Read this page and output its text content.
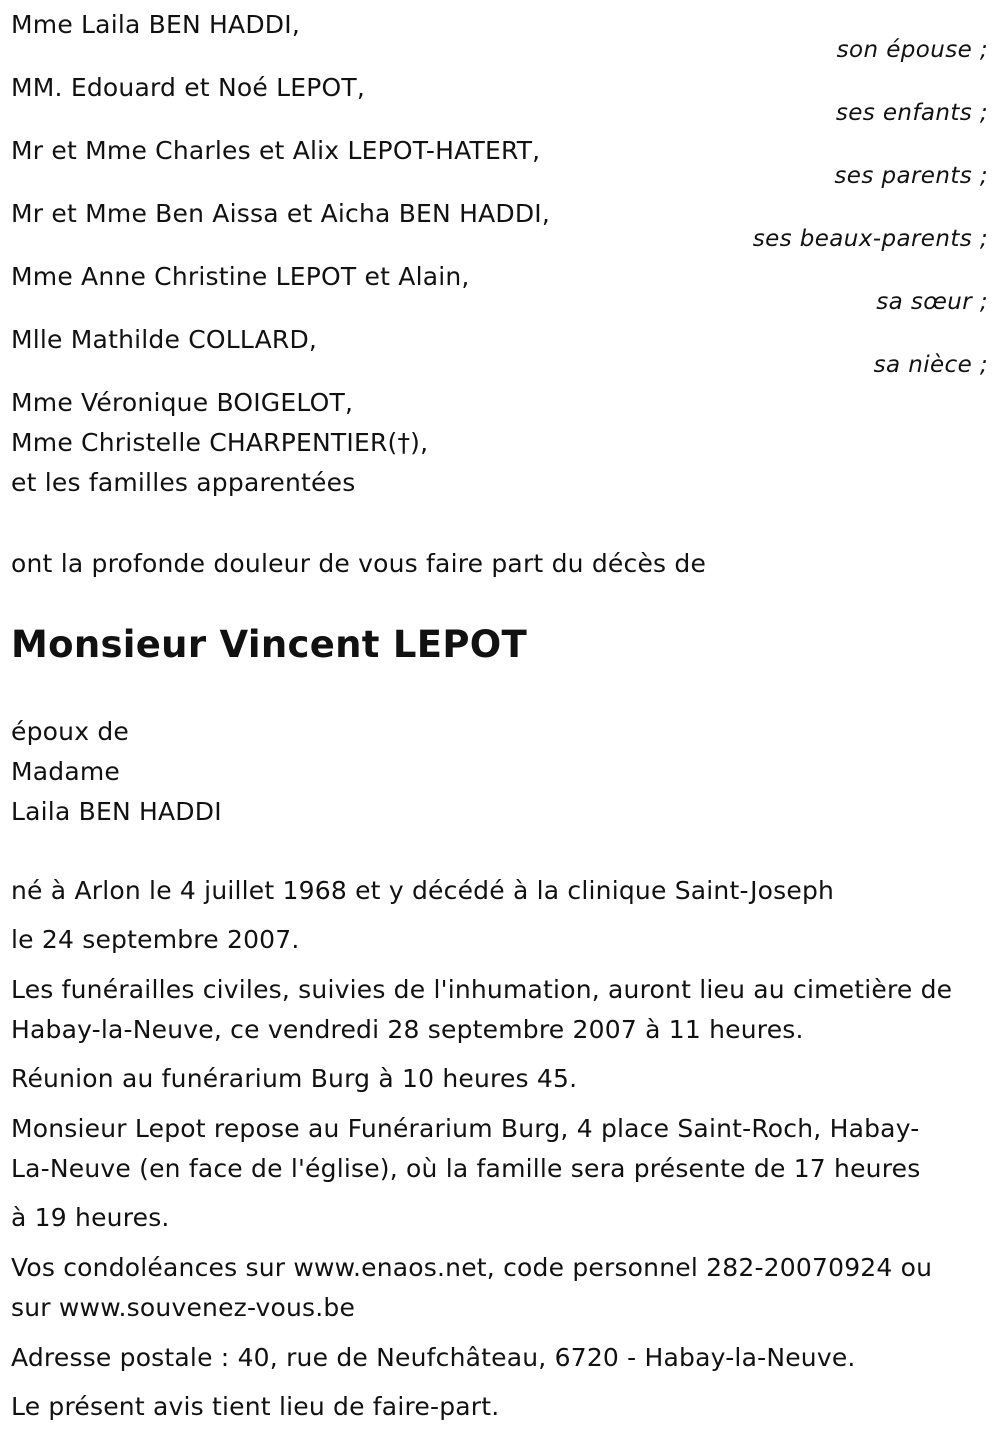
Mme Laila BEN HADDI,
son épouse ;
MM. Edouard et Noé LEPOT,
ses enfants ;
Mr et Mme Charles et Alix LEPOT-HATERT,
ses parents ;
Mr et Mme Ben Aissa et Aicha BEN HADDI,
ses beaux-parents ;
Mme Anne Christine LEPOT et Alain,
sa sœur ;
Mlle Mathilde COLLARD,
sa nièce ;
Mme Véronique BOIGELOT,
Mme Christelle CHARPENTIER(†),
et les familles apparentées
ont la profonde douleur de vous faire part du décès de
Monsieur Vincent LEPOT
époux de
Madame
Laila BEN HADDI
né à Arlon le 4 juillet 1968 et y décédé à la clinique Saint-Joseph
le 24 septembre 2007.
Les funérailles civiles, suivies de l'inhumation, auront lieu au cimetière de
Habay-la-Neuve, ce vendredi 28 septembre 2007 à 11 heures.
Réunion au funérarium Burg à 10 heures 45.
Monsieur Lepot repose au Funérarium Burg, 4 place Saint-Roch, Habay-
La-Neuve (en face de l'église), où la famille sera présente de 17 heures
à 19 heures.
Vos condoléances sur www.enaos.net, code personnel 282-20070924 ou
sur www.souvenez-vous.be
Adresse postale : 40, rue de Neufchâteau, 6720 - Habay-la-Neuve.
Le présent avis tient lieu de faire-part.
